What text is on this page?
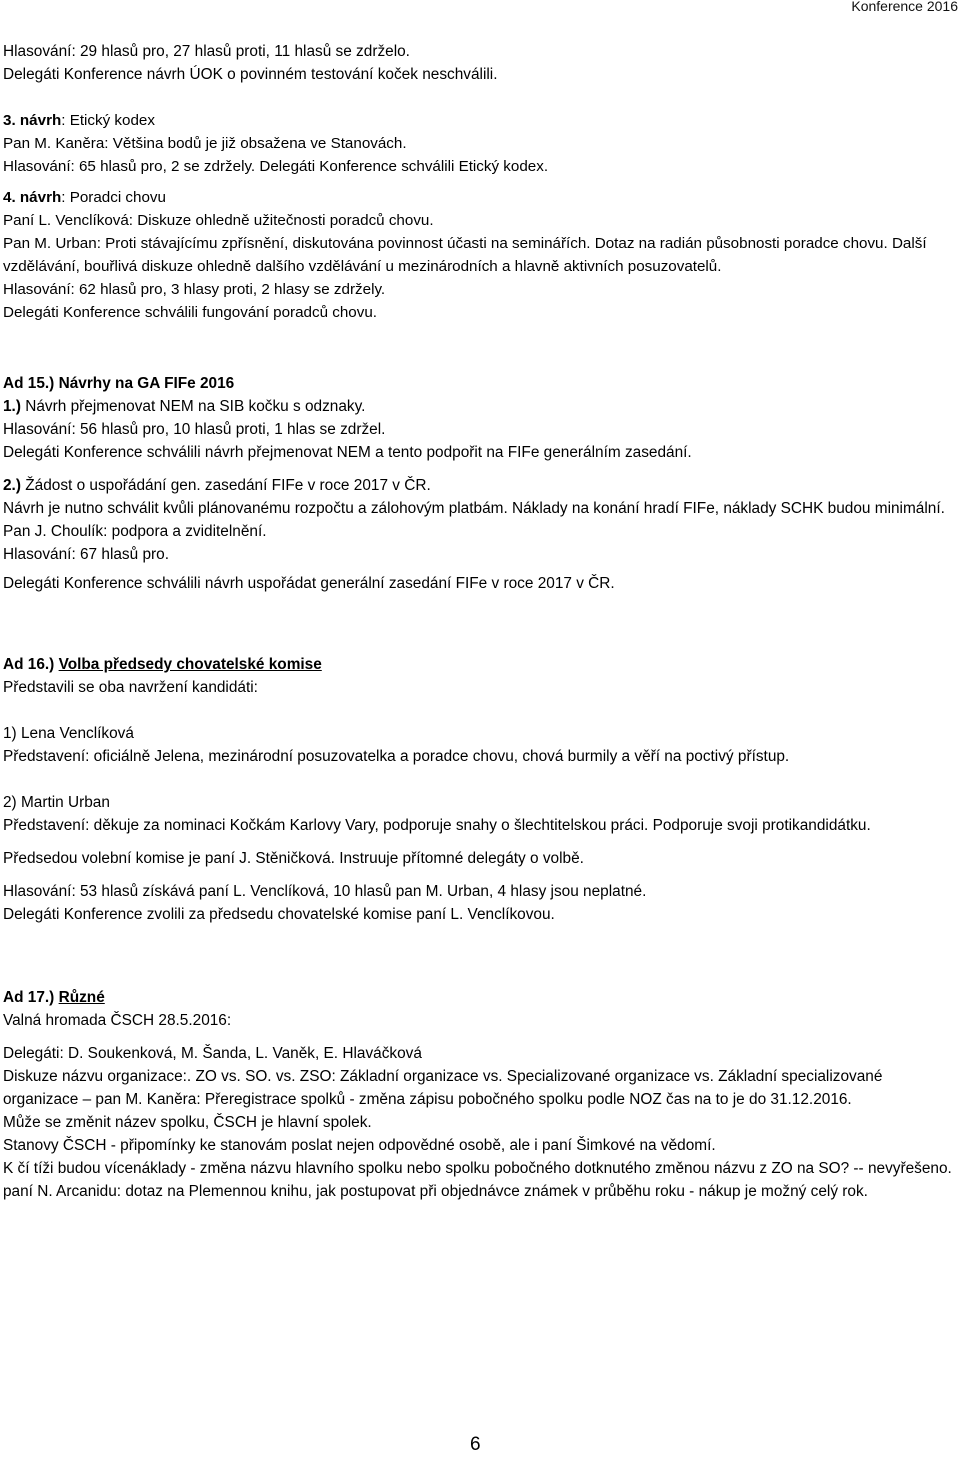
Konference 2016

Hlasování: 29 hlasů pro, 27 hlasů proti, 11 hlasů se zdrželo.

Delegáti Konference návrh ÚOK o povinném testování koček neschválili.

3. návrh: Etický kodex

Pan M. Kaněra: Většina bodů je již obsažena ve Stanovách.

Hlasování: 65 hlasů pro, 2 se zdržely. Delegáti Konference schválili Etický kodex.

4. návrh: Poradci chovu

Paní L. Venclíková: Diskuze ohledně užitečnosti poradců chovu.

Pan M. Urban: Proti stávajícímu zpřísnění, diskutována povinnost účasti na seminářích. Dotaz na radián působnosti poradce chovu. Další vzdělávání, bouřlivá diskuze ohledně dalšího vzdělávání u mezinárodních a hlavně aktivních posuzovatelů.

Hlasování: 62 hlasů pro, 3 hlasy proti, 2 hlasy se zdržely.

Delegáti Konference schválili fungování poradců chovu.

Ad 15.) Návrhy na GA FIFe 2016

1.) Návrh přejmenovat NEM na SIB kočku s odznaky.

Hlasování: 56 hlasů pro, 10 hlasů proti, 1 hlas se zdržel.

Delegáti Konference schválili návrh přejmenovat NEM a tento podpořit na FIFe generálním zasedání.

2.) Žádost o uspořádání gen. zasedání FIFe v roce 2017 v ČR.

Návrh je nutno schválit kvůli plánovanému rozpočtu a zálohovým platbám. Náklady na konání hradí FIFe, náklady SCHK budou minimální.

Pan J. Choulík: podpora a zviditelnění.

Hlasování: 67 hlasů pro.

Delegáti Konference schválili návrh uspořádat generální zasedání FIFe v roce 2017 v ČR.

Ad 16.) Volba předsedy chovatelské komise

Představili se oba navržení kandidáti:

1) Lena Venclíková

Představení: oficiálně Jelena, mezinárodní posuzovatelka a poradce chovu, chová burmily a věří na poctivý přístup.

2) Martin Urban

Představení: děkuje za nominaci Kočkám Karlovy Vary, podporuje snahy o šlechtitelskou práci. Podporuje svoji protikandidátku.

Předsedou volební komise je paní J. Stěničková. Instruuje přítomné delegáty o volbě.

Hlasování: 53 hlasů získává paní L. Venclíková, 10 hlasů pan M. Urban, 4 hlasy jsou neplatné.

Delegáti Konference zvolili za předsedu chovatelské komise paní L. Venclíkovou.

Ad 17.) Různé

Valná hromada ČSCH 28.5.2016:

Delegáti: D. Soukenková, M. Šanda, L. Vaněk, E. Hlaváčková

Diskuze názvu organizace:. ZO vs. SO. vs. ZSO: Základní organizace vs. Specializované organizace vs. Základní specializované organizace – pan M. Kaněra: Přeregistrace spolků - změna zápisu pobočného spolku podle NOZ čas na to je do 31.12.2016.

Může se změnit název spolku, ČSCH je hlavní spolek.

Stanovy ČSCH - připomínky ke stanovám poslat nejen odpovědné osobě, ale i paní Šimkové na vědomí.

K čí tíži budou vícenáklady - změna názvu hlavního spolku nebo spolku pobočného dotknutého změnou názvu z ZO na SO? -- nevyřešeno.

paní N. Arcanidu: dotaz na Plemennou knihu, jak postupovat při objednávce známek v průběhu roku - nákup je možný celý rok.

6
